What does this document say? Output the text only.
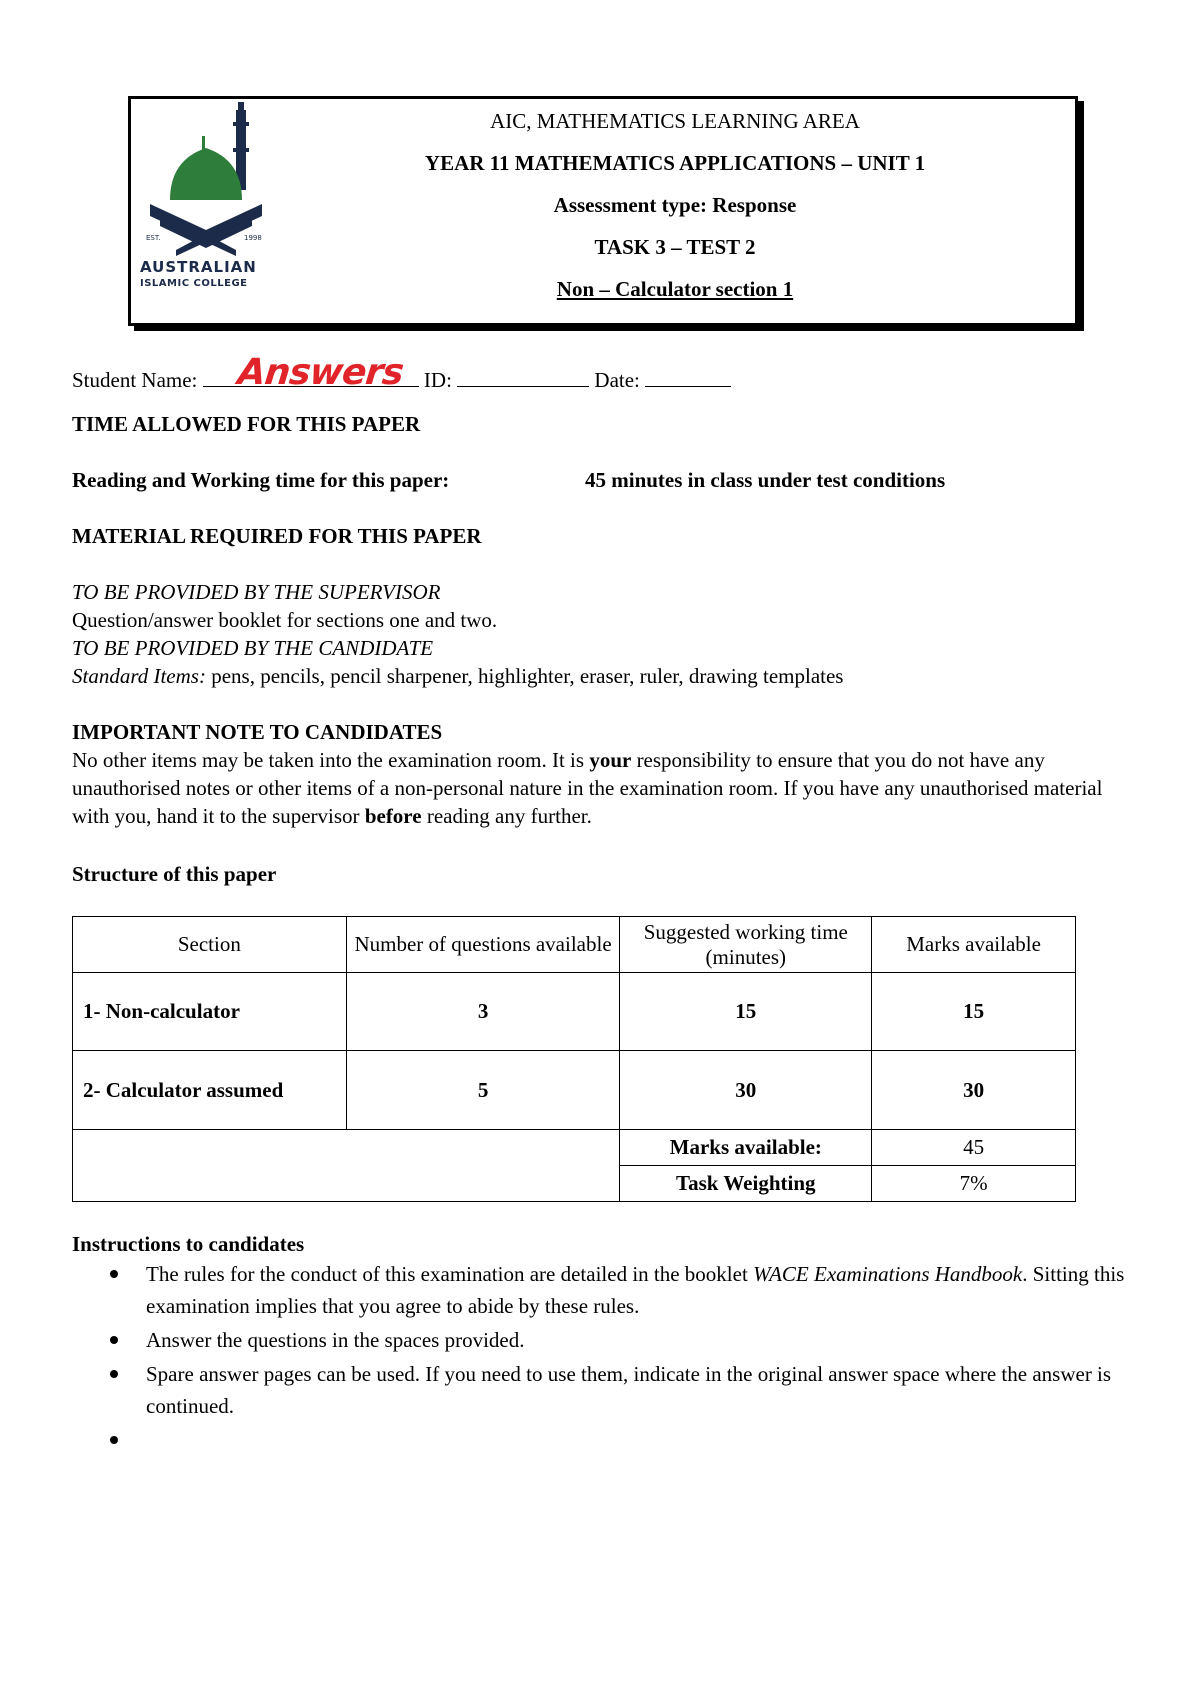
EST.	1998
AUSTRALIAN
ISLAMIC COLLEGE
AIC, MATHEMATICS LEARNING AREA
YEAR 11 MATHEMATICS APPLICATIONS – UNIT 1
Assessment type: Response
TASK 3 – TEST 2
Non – Calculator section 1
Student Name:	ID:	Date:
Answers
TIME ALLOWED FOR THIS PAPER
Reading and Working time for this paper:	45 minutes in class under test conditions
MATERIAL REQUIRED FOR THIS PAPER
TO BE PROVIDED BY THE SUPERVISOR
Question/answer booklet for sections one and two.
TO BE PROVIDED BY THE CANDIDATE
Standard Items: pens, pencils, pencil sharpener, highlighter, eraser, ruler, drawing templates
IMPORTANT NOTE TO CANDIDATES
No other items may be taken into the examination room. It is your responsibility to ensure that you do not have any unauthorised notes or other items of a non-personal nature in the examination room. If you have any unauthorised material with you, hand it to the supervisor before reading any further.
Structure of this paper
Section	Number of questions available	Suggested working time (minutes)	Marks available
1- Non-calculator	3	15	15
2- Calculator assumed	5	30	30
		Marks available:	45
		Task Weighting	7%
Instructions to candidates
The rules for the conduct of this examination are detailed in the booklet WACE Examinations Handbook. Sitting this examination implies that you agree to abide by these rules.
Answer the questions in the spaces provided.
Spare answer pages can be used. If you need to use them, indicate in the original answer space where the answer is continued.
